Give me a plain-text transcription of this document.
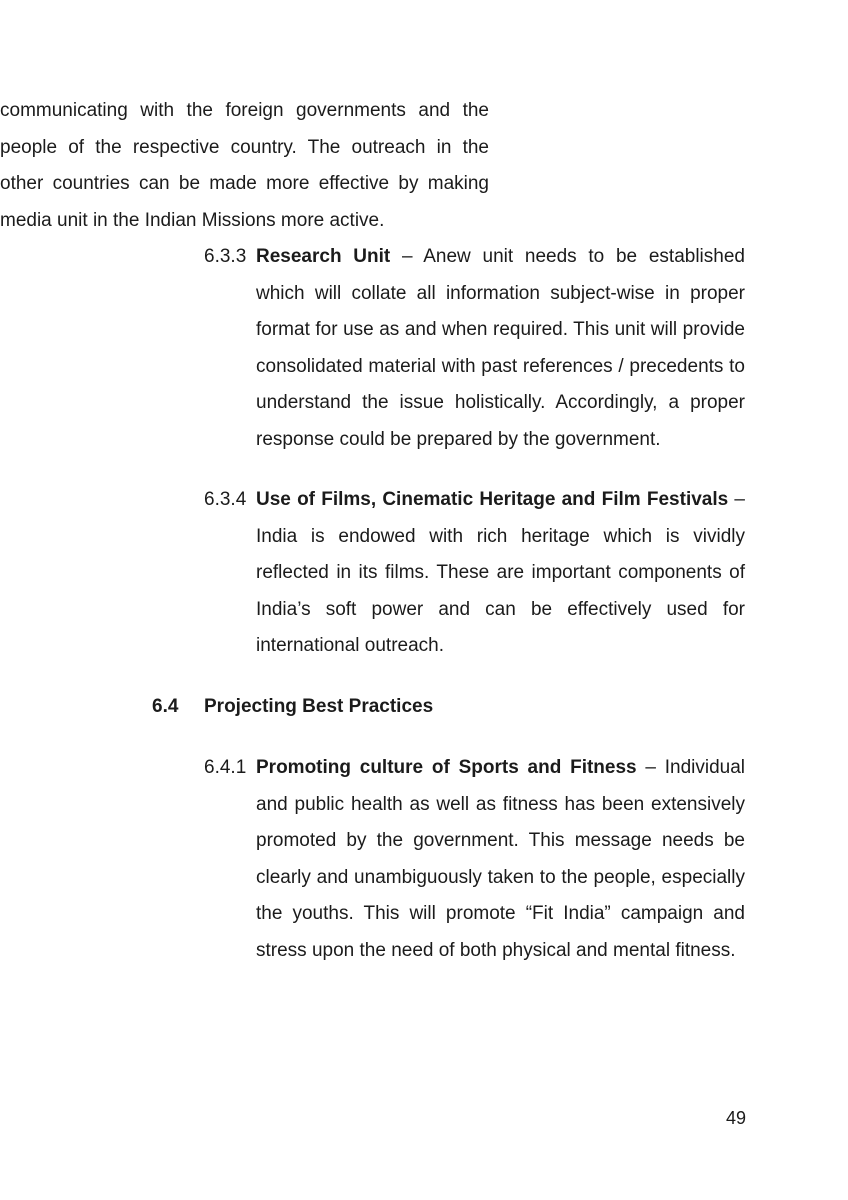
communicating with the foreign governments and the people of the respective country. The outreach in the other countries can be made more effective by making media unit in the Indian Missions more active.

6.3.3 Research Unit – Anew unit needs to be established which will collate all information subject-wise in proper format for use as and when required. This unit will provide consolidated material with past references / precedents to understand the issue holistically. Accordingly, a proper response could be prepared by the government.

6.3.4 Use of Films, Cinematic Heritage and Film Festivals – India is endowed with rich heritage which is vividly reflected in its films. These are important components of India’s soft power and can be effectively used for international outreach.

6.4	Projecting Best Practices
6.4.1 Promoting culture of Sports and Fitness – Individual and public health as well as fitness has been extensively promoted by the government. This message needs be clearly and unambiguously taken to the people, especially the youths. This will promote “Fit India” campaign and stress upon the need of both physical and mental fitness.

49
